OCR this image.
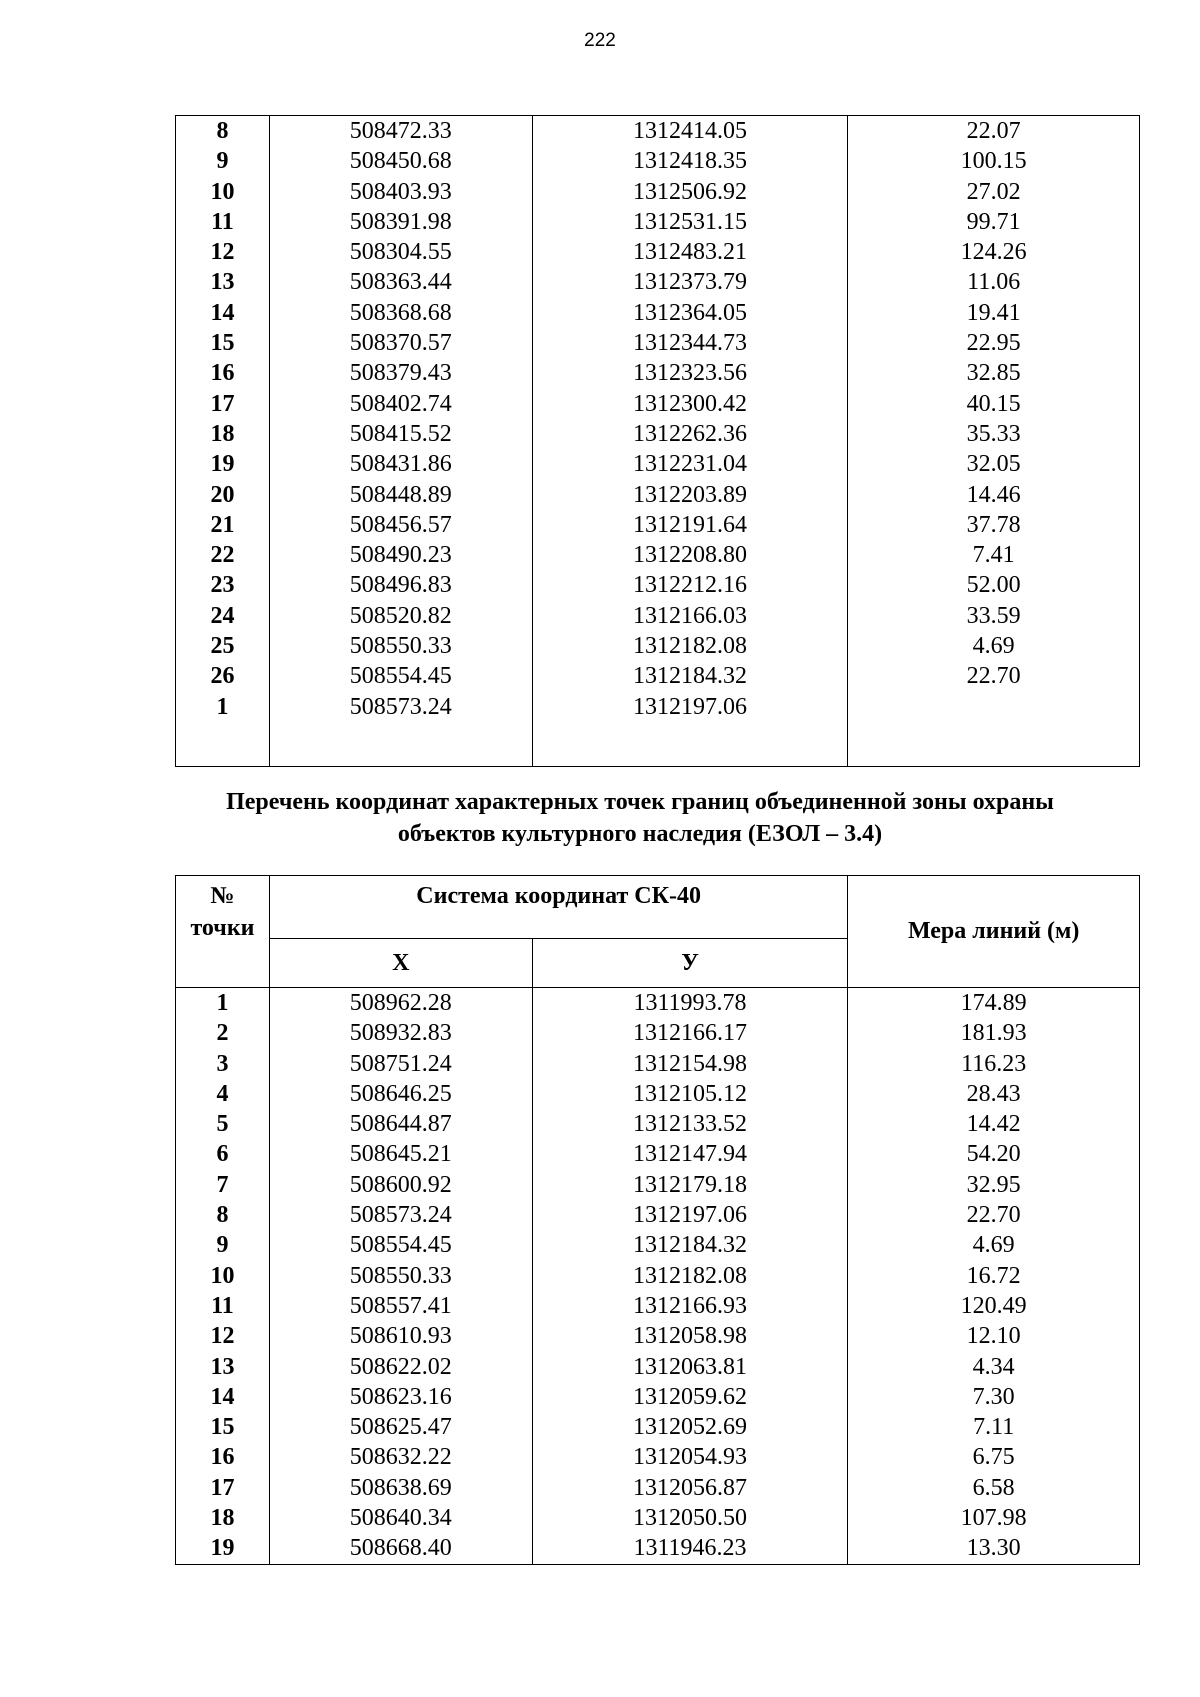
222
8	508472.33	1312414.05	22.07
9	508450.68	1312418.35	100.15
10	508403.93	1312506.92	27.02
11	508391.98	1312531.15	99.71
12	508304.55	1312483.21	124.26
13	508363.44	1312373.79	11.06
14	508368.68	1312364.05	19.41
15	508370.57	1312344.73	22.95
16	508379.43	1312323.56	32.85
17	508402.74	1312300.42	40.15
18	508415.52	1312262.36	35.33
19	508431.86	1312231.04	32.05
20	508448.89	1312203.89	14.46
21	508456.57	1312191.64	37.78
22	508490.23	1312208.80	7.41
23	508496.83	1312212.16	52.00
24	508520.82	1312166.03	33.59
25	508550.33	1312182.08	4.69
26	508554.45	1312184.32	22.70
1	508573.24	1312197.06	

Перечень координат характерных точек границ объединенной зоны охраны
объектов культурного наследия (ЕЗОЛ – 3.4)
№
точки	Система координат СК-40		Мера линий (м)
	Х	У	
1	508962.28	1311993.78	174.89
2	508932.83	1312166.17	181.93
3	508751.24	1312154.98	116.23
4	508646.25	1312105.12	28.43
5	508644.87	1312133.52	14.42
6	508645.21	1312147.94	54.20
7	508600.92	1312179.18	32.95
8	508573.24	1312197.06	22.70
9	508554.45	1312184.32	4.69
10	508550.33	1312182.08	16.72
11	508557.41	1312166.93	120.49
12	508610.93	1312058.98	12.10
13	508622.02	1312063.81	4.34
14	508623.16	1312059.62	7.30
15	508625.47	1312052.69	7.11
16	508632.22	1312054.93	6.75
17	508638.69	1312056.87	6.58
18	508640.34	1312050.50	107.98
19	508668.40	1311946.23	13.30
